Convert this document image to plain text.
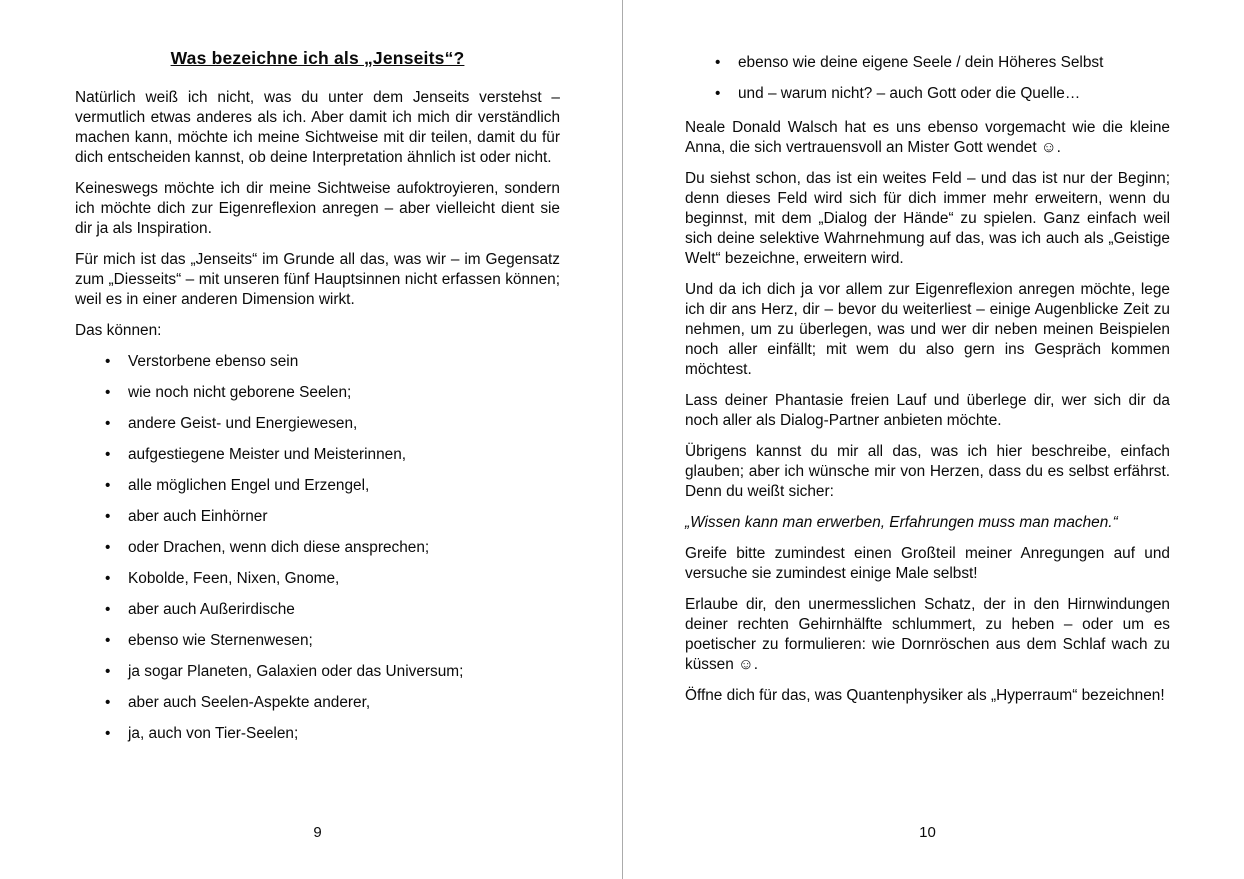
Was bezeichne ich als „Jenseits“?

Natürlich weiß ich nicht, was du unter dem Jenseits verstehst – vermutlich etwas anderes als ich. Aber damit ich mich dir verständlich machen kann, möchte ich meine Sichtweise mit dir teilen, damit du für dich entscheiden kannst, ob deine Interpretation ähnlich ist oder nicht.

Keineswegs möchte ich dir meine Sichtweise aufoktroyieren, sondern ich möchte dich zur Eigenreflexion anregen – aber vielleicht dient sie dir ja als Inspiration.

Für mich ist das „Jenseits“ im Grunde all das, was wir – im Gegensatz zum „Diesseits“ – mit unseren fünf Hauptsinnen nicht erfassen können; weil es in einer anderen Dimension wirkt.

Das können:

•	Verstorbene ebenso sein
•	wie noch nicht geborene Seelen;
•	andere Geist- und Energiewesen,
•	aufgestiegene Meister und Meisterinnen,
•	alle möglichen Engel und Erzengel,
•	aber auch Einhörner
•	oder Drachen, wenn dich diese ansprechen;
•	Kobolde, Feen, Nixen, Gnome,
•	aber auch Außerirdische
•	ebenso wie Sternenwesen;
•	ja sogar Planeten, Galaxien oder das Universum;
•	aber auch Seelen-Aspekte anderer,
•	ja, auch von Tier-Seelen;
9
•	ebenso wie deine eigene Seele / dein Höheres Selbst
•	und – warum nicht? – auch Gott oder die Quelle…

Neale Donald Walsch hat es uns ebenso vorgemacht wie die kleine Anna, die sich vertrauensvoll an Mister Gott wendet ☺.

Du siehst schon, das ist ein weites Feld – und das ist nur der Beginn; denn dieses Feld wird sich für dich immer mehr erweitern, wenn du beginnst, mit dem „Dialog der Hände“ zu spielen. Ganz einfach weil sich deine selektive Wahrnehmung auf das, was ich auch als „Geistige Welt“ bezeichne, erweitern wird.

Und da ich dich ja vor allem zur Eigenreflexion anregen möchte, lege ich dir ans Herz, dir – bevor du weiterliest – einige Augenblicke Zeit zu nehmen, um zu überlegen, was und wer dir neben meinen Beispielen noch aller einfällt; mit wem du also gern ins Gespräch kommen möchtest.

Lass deiner Phantasie freien Lauf und überlege dir, wer sich dir da noch aller als Dialog-Partner anbieten möchte.

Übrigens kannst du mir all das, was ich hier beschreibe, einfach glauben; aber ich wünsche mir von Herzen, dass du es selbst erfährst. Denn du weißt sicher:

„Wissen kann man erwerben, Erfahrungen muss man machen.“

Greife bitte zumindest einen Großteil meiner Anregungen auf und versuche sie zumindest einige Male selbst!

Erlaube dir, den unermesslichen Schatz, der in den Hirnwindungen deiner rechten Gehirnhälfte schlummert, zu heben – oder um es poetischer zu formulieren: wie Dornröschen aus dem Schlaf wach zu küssen ☺.

Öffne dich für das, was Quantenphysiker als „Hyperraum“ bezeichnen!

10
